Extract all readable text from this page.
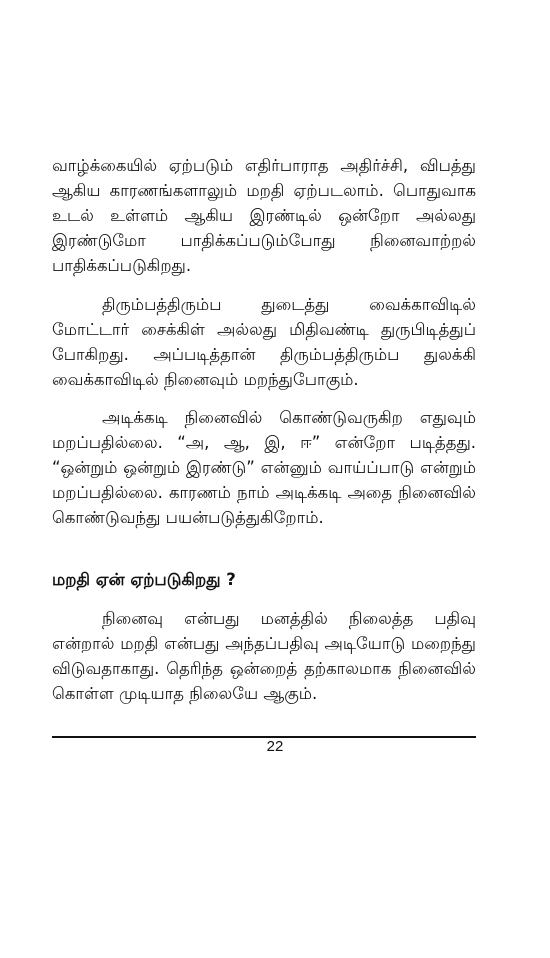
வாழ்க்கையில் ஏற்படும் எதிர்பாராத அதிர்ச்சி, விபத்து ஆகிய காரணங்களாலும் மறதி ஏற்படலாம். பொதுவாக உடல் உள்ளம் ஆகிய இரண்டில் ஒன்றோ அல்லது இரண்டுமோ பாதிக்கப்படும்போது நினைவாற்றல் பாதிக்கப்படுகிறது.

திரும்பத்திரும்ப துடைத்து வைக்காவிடில் மோட்டார் சைக்கிள் அல்லது மிதிவண்டி துருபிடித்துப் போகிறது. அப்படித்தான் திரும்பத்திரும்ப துலக்கி வைக்காவிடில் நினைவும் மறந்துபோகும்.

அடிக்கடி நினைவில் கொண்டுவருகிற எதுவும் மறப்பதில்லை. “அ, ஆ, இ, ஈ” என்றோ படித்தது. “ஒன்றும் ஒன்றும் இரண்டு” என்னும் வாய்ப்பாடு என்றும் மறப்பதில்லை. காரணம் நாம் அடிக்கடி அதை நினைவில் கொண்டுவந்து பயன்படுத்துகிறோம்.

மறதி ஏன் ஏற்படுகிறது ?

நினைவு என்பது மனத்தில் நிலைத்த பதிவு என்றால் மறதி என்பது அந்தப்பதிவு அடியோடு மறைந்து விடுவதாகாது. தெரிந்த ஒன்றைத் தற்காலமாக நினைவில் கொள்ள முடியாத நிலையே ஆகும்.

22
